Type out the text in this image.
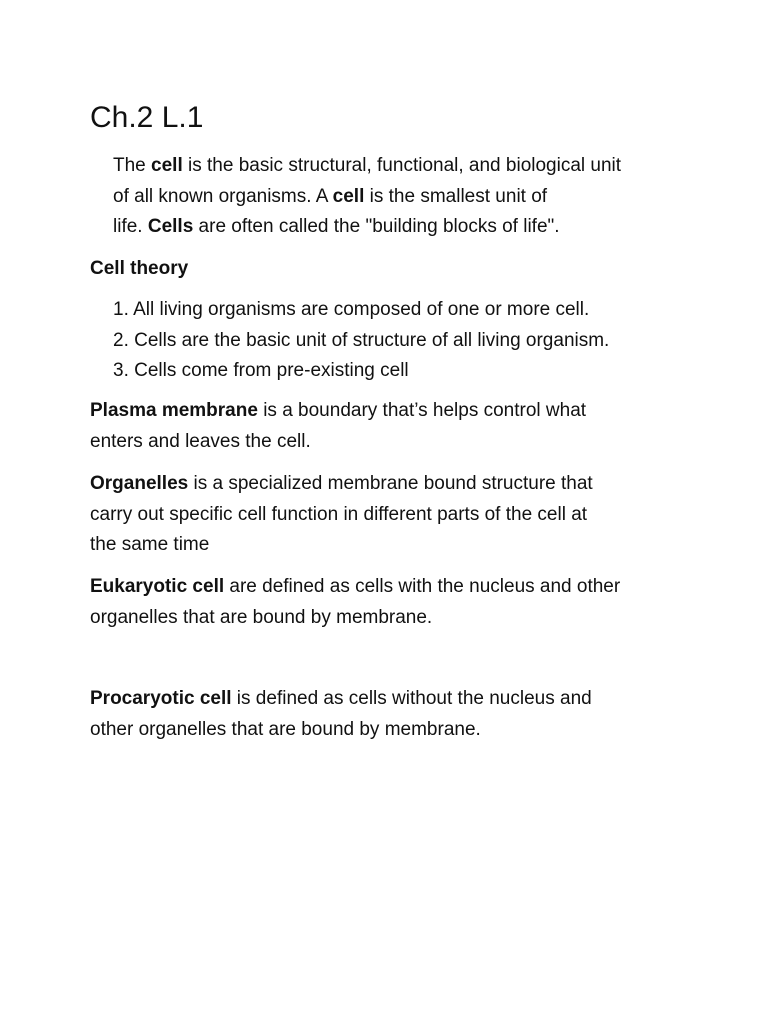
Ch.2 L.1
The cell is the basic structural, functional, and biological unit
of all known organisms. A cell is the smallest unit of
life. Cells are often called the "building blocks of life".
Cell theory
1. All living organisms are composed of one or more cell.
2. Cells are the basic unit of structure of all living organism.
3. Cells come from pre-existing cell
Plasma membrane is a boundary that’s helps control what
enters and leaves the cell.
Organelles is a specialized membrane bound structure that
carry out specific cell function in different parts of the cell at
the same time
Eukaryotic cell are defined as cells with the nucleus and other
organelles that are bound by membrane.
Procaryotic cell is defined as cells without the nucleus and
other organelles that are bound by membrane.
